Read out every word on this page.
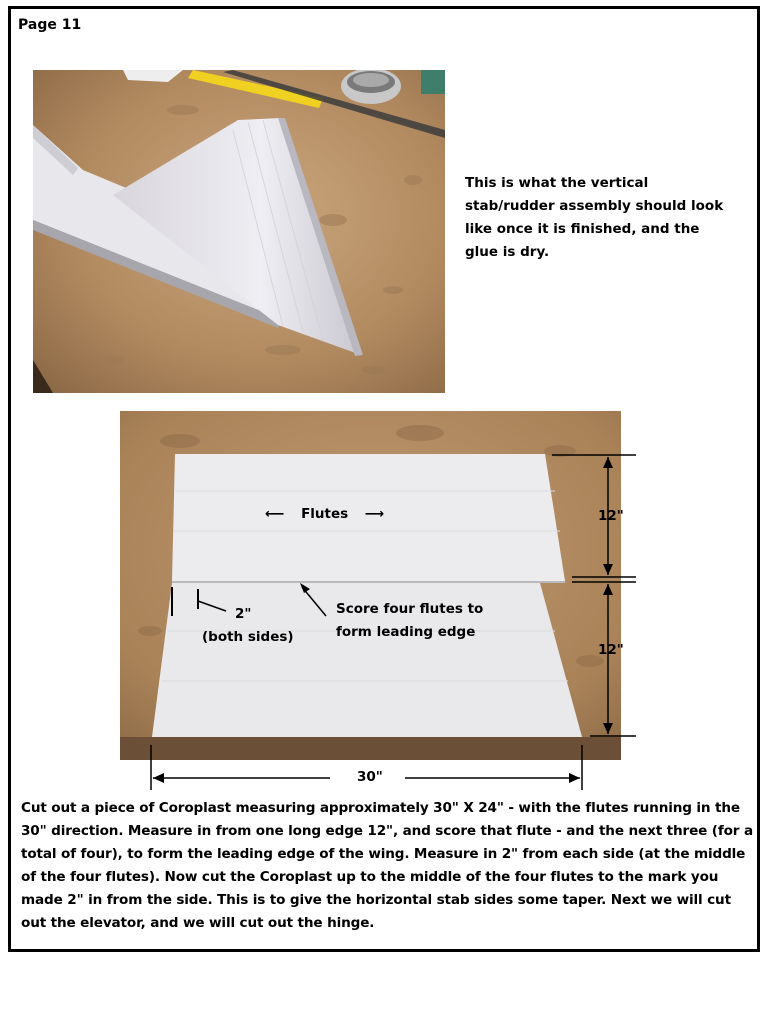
Page 11
This is what the vertical stab/rudder assembly should look like once it is finished, and the glue is dry.
⟵ Flutes ⟶
2"
(both sides)
Score four flutes to
form leading edge
12"
12"
30"
Cut out a piece of Coroplast measuring approximately 30" X 24" - with the flutes running in the 30" direction. Measure in from one long edge 12", and score that flute - and the next three (for a total of four), to form the leading edge of the wing. Measure in 2" from each side (at the middle of the four flutes). Now cut the Coroplast up to the middle of the four flutes to the mark you made 2" in from the side. This is to give the horizontal stab sides some taper. Next we will cut out the elevator, and we will cut out the hinge.
